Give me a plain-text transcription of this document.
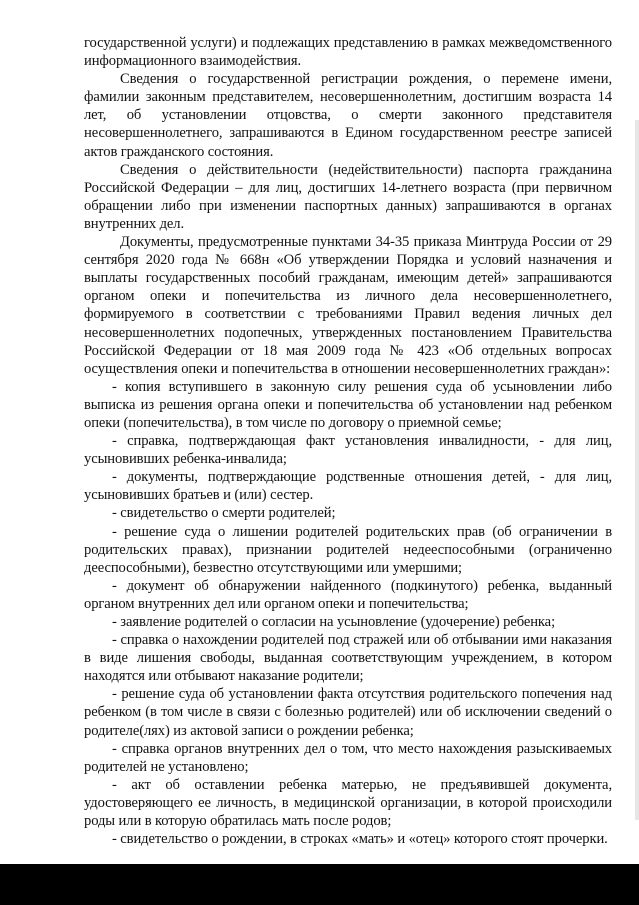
государственной услуги) и подлежащих представлению в рамках межведомственного информационного взаимодействия.

Сведения о государственной регистрации рождения, о перемене имени, фамилии законным представителем, несовершеннолетним, достигшим возраста 14 лет, об установлении отцовства, о смерти законного представителя несовершеннолетнего, запрашиваются в Едином государственном реестре записей актов гражданского состояния.

Сведения о действительности (недействительности) паспорта гражданина Российской Федерации – для лиц, достигших 14-летнего возраста (при первичном обращении либо при изменении паспортных данных) запрашиваются в органах внутренних дел.

Документы, предусмотренные пунктами 34-35 приказа Минтруда России от 29 сентября 2020 года № 668н «Об утверждении Порядка и условий назначения и выплаты государственных пособий гражданам, имеющим детей» запрашиваются органом опеки и попечительства из личного дела несовершеннолетнего, формируемого в соответствии с требованиями Правил ведения личных дел несовершеннолетних подопечных, утвержденных постановлением Правительства Российской Федерации от 18 мая 2009 года № 423 «Об отдельных вопросах осуществления опеки и попечительства в отношении несовершеннолетних граждан»:

- копия вступившего в законную силу решения суда об усыновлении либо выписка из решения органа опеки и попечительства об установлении над ребенком опеки (попечительства), в том числе по договору о приемной семье;

- справка, подтверждающая факт установления инвалидности, - для лиц, усыновивших ребенка-инвалида;

- документы, подтверждающие родственные отношения детей, - для лиц, усыновивших братьев и (или) сестер.

- свидетельство о смерти родителей;

- решение суда о лишении родителей родительских прав (об ограничении в родительских правах), признании родителей недееспособными (ограниченно дееспособными), безвестно отсутствующими или умершими;

- документ об обнаружении найденного (подкинутого) ребенка, выданный органом внутренних дел или органом опеки и попечительства;

- заявление родителей о согласии на усыновление (удочерение) ребенка;

- справка о нахождении родителей под стражей или об отбывании ими наказания в виде лишения свободы, выданная соответствующим учреждением, в котором находятся или отбывают наказание родители;

- решение суда об установлении факта отсутствия родительского попечения над ребенком (в том числе в связи с болезнью родителей) или об исключении сведений о родителе(лях) из актовой записи о рождении ребенка;

- справка органов внутренних дел о том, что место нахождения разыскиваемых родителей не установлено;

- акт об оставлении ребенка матерью, не предъявившей документа, удостоверяющего ее личность, в медицинской организации, в которой происходили роды или в которую обратилась мать после родов;

- свидетельство о рождении, в строках «мать» и «отец» которого стоят прочерки.
